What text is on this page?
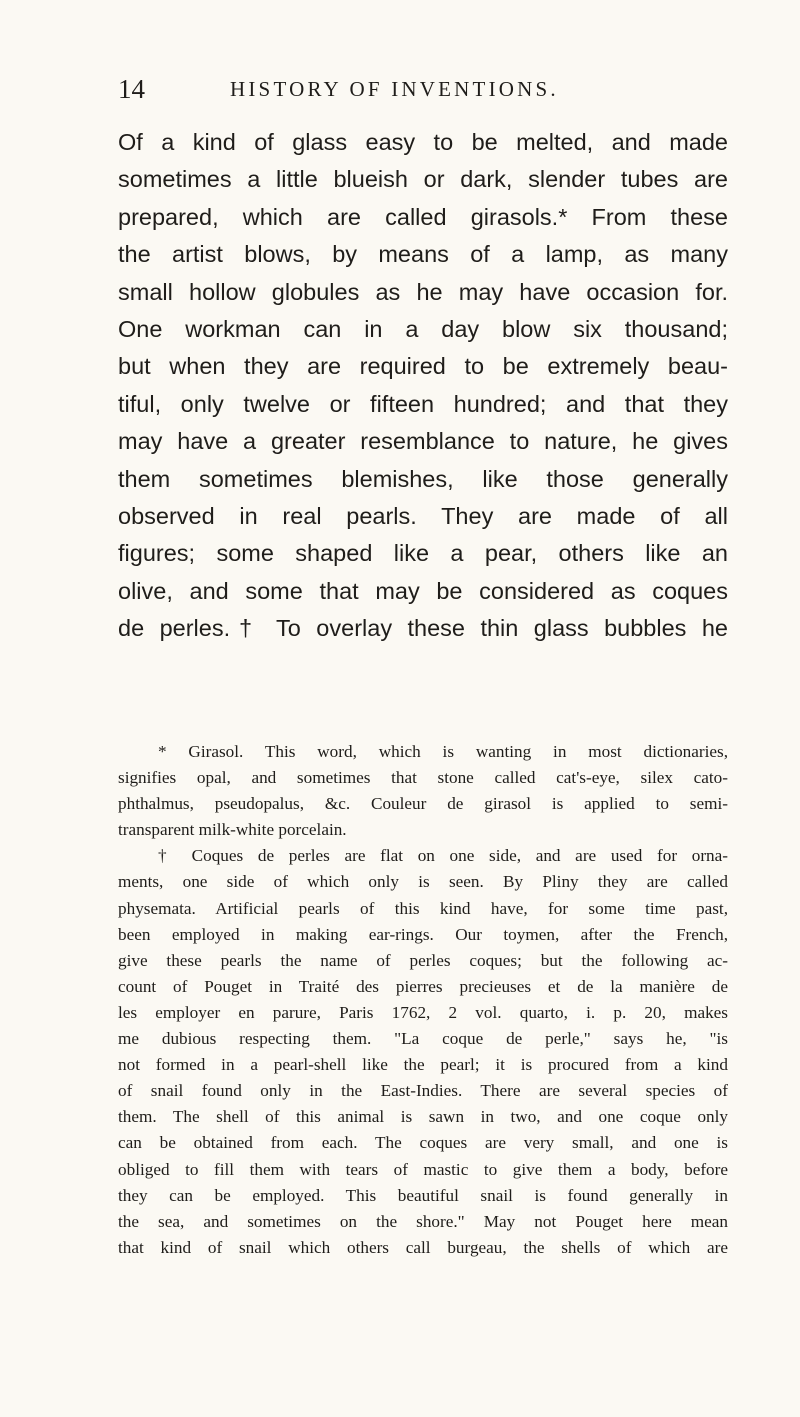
14	HISTORY OF INVENTIONS.
Of a kind of glass easy to be melted, and made
sometimes a little blueish or dark, slender tubes are
prepared, which are called girasols.* From these
the artist blows, by means of a lamp, as many
small hollow globules as he may have occasion for.
One workman can in a day blow six thousand;
but when they are required to be extremely beau-
tiful, only twelve or fifteen hundred; and that they
may have a greater resemblance to nature, he gives
them sometimes blemishes, like those generally
observed in real pearls. They are made of all
figures; some shaped like a pear, others like an
olive, and some that may be considered as coques
de perles.† To overlay these thin glass bubbles he
* Girasol. This word, which is wanting in most dictionaries,
signifies opal, and sometimes that stone called cat's-eye, silex cato-
phthalmus, pseudopalus, &c. Couleur de girasol is applied to semi-
transparent milk-white porcelain.
† Coques de perles are flat on one side, and are used for orna-
ments, one side of which only is seen. By Pliny they are called
physemata. Artificial pearls of this kind have, for some time past,
been employed in making ear-rings. Our toymen, after the French,
give these pearls the name of perles coques; but the following ac-
count of Pouget in Traité des pierres precieuses et de la manière de
les employer en parure, Paris 1762, 2 vol. quarto, i. p. 20, makes
me dubious respecting them. "La coque de perle," says he, "is
not formed in a pearl-shell like the pearl; it is procured from a kind
of snail found only in the East-Indies. There are several species of
them. The shell of this animal is sawn in two, and one coque only
can be obtained from each. The coques are very small, and one is
obliged to fill them with tears of mastic to give them a body, before
they can be employed. This beautiful snail is found generally in
the sea, and sometimes on the shore." May not Pouget here mean
that kind of snail which others call burgeau, the shells of which are
